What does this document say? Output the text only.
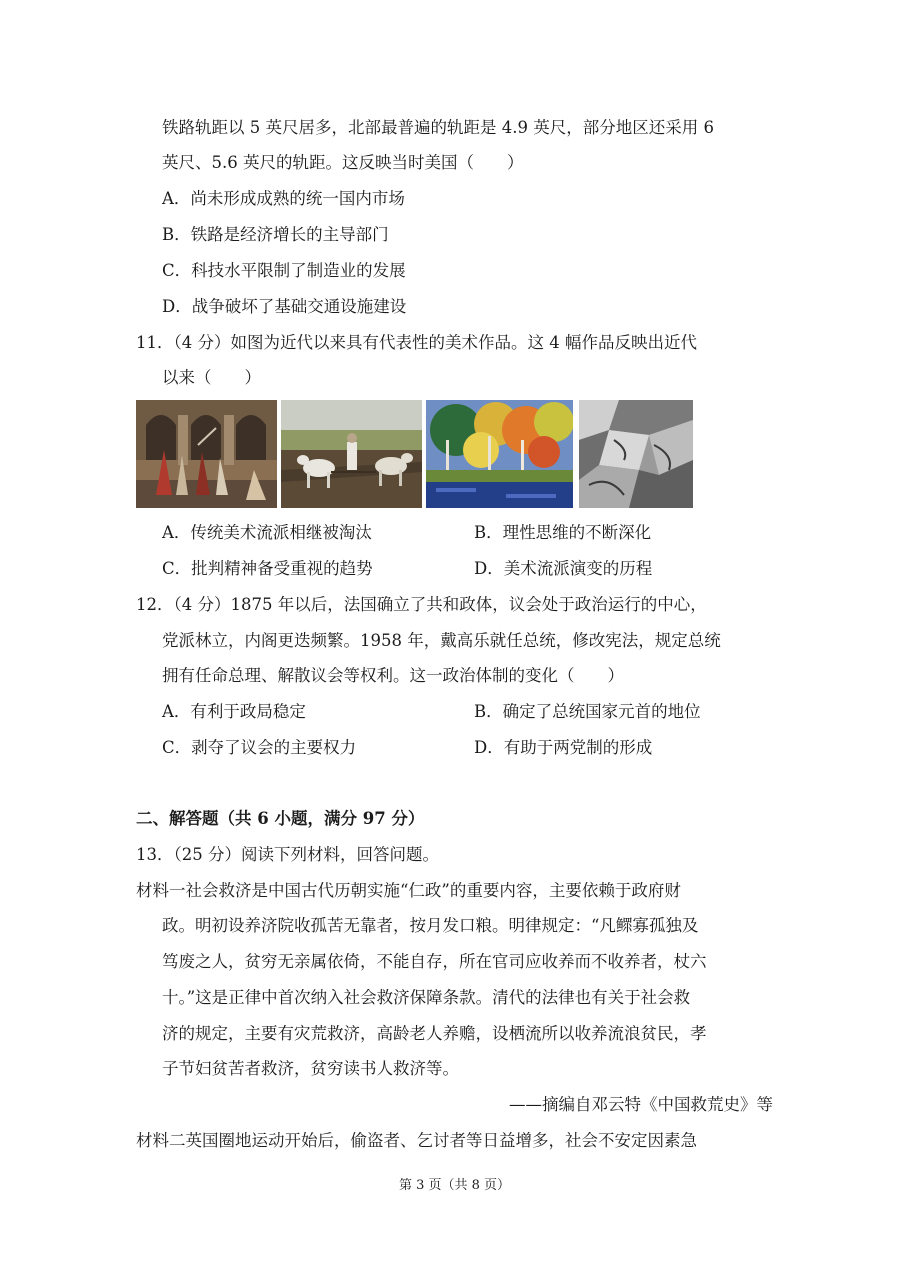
铁路轨距以 5 英尺居多，北部最普遍的轨距是 4.9 英尺，部分地区还采用 6
英尺、5.6 英尺的轨距。这反映当时美国（　　）
A．尚未形成成熟的统一国内市场
B．铁路是经济增长的主导部门
C．科技水平限制了制造业的发展
D．战争破坏了基础交通设施建设
11．（4 分）如图为近代以来具有代表性的美术作品。这 4 幅作品反映出近代
以来（　　）
A．传统美术流派相继被淘汰	B．理性思维的不断深化
C．批判精神备受重视的趋势	D．美术流派演变的历程
12．（4 分）1875 年以后，法国确立了共和政体，议会处于政治运行的中心，
党派林立，内阁更迭频繁。1958 年，戴高乐就任总统，修改宪法，规定总统
拥有任命总理、解散议会等权利。这一政治体制的变化（　　）
A．有利于政局稳定	B．确定了总统国家元首的地位
C．剥夺了议会的主要权力	D．有助于两党制的形成
二、解答题（共 6 小题，满分 97 分）
13．（25 分）阅读下列材料，回答问题。
材料一社会救济是中国古代历朝实施“仁政”的重要内容，主要依赖于政府财
政。明初设养济院收孤苦无靠者，按月发口粮。明律规定：“凡鳏寡孤独及
笃废之人，贫穷无亲属依倚，不能自存，所在官司应收养而不收养者，杖六
十。”这是正律中首次纳入社会救济保障条款。清代的法律也有关于社会救
济的规定，主要有灾荒救济，高龄老人养赡，设栖流所以收养流浪贫民，孝
子节妇贫苦者救济，贫穷读书人救济等。
——摘编自邓云特《中国救荒史》等
材料二英国圈地运动开始后，偷盗者、乞讨者等日益增多，社会不安定因素急
第 3 页（共 8 页）
